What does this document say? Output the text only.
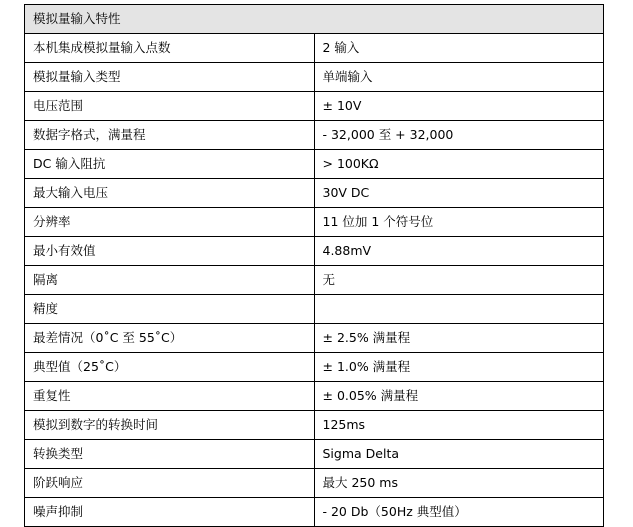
模拟量输入特性	
本机集成模拟量输入点数	2 输入
模拟量输入类型	单端输入
电压范围	± 10V
数据字格式，满量程	- 32,000 至 + 32,000
DC 输入阻抗	> 100KΩ
最大输入电压	30V DC
分辨率	11 位加 1 个符号位
最小有效值	4.88mV
隔离	无
精度	
最差情况（0˚C 至 55˚C）	± 2.5% 满量程
典型值（25˚C）	± 1.0% 满量程
重复性	± 0.05% 满量程
模拟到数字的转换时间	125ms
转换类型	Sigma Delta
阶跃响应	最大 250 ms
噪声抑制	- 20 Db（50Hz 典型值）
